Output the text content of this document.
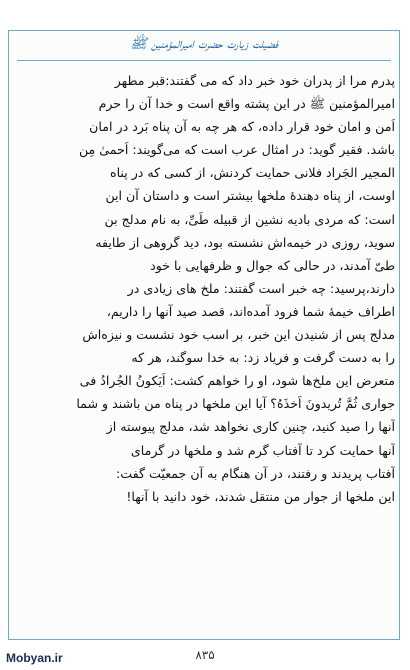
فضیلت زیارت حضرت امیرالمؤمنین ﷺ
پدرم مرا از پدران خود خبر داد که می گفتند:قبر مطهر
امیرالمؤمنین ﷺ در این پشته واقع است و خدا آن را حرم
اَمن و امان خود قرار داده، که هر چه به آن پناه بَرد در امان
باشد. فقیر گوید: در امثال عرب است که می‌گویند: اَحمیٰ مِن
المجیر الجَراد فلانی حمایت کردنش، از کسی که در پناه
اوست، از پناه دهندهٔ ملخها بیشتر است و داستان آن این
است: که مردی بادیه نشین از قبیله طَیِّ، به نام مدلج بن
سوید، روزی در خیمه‌اش نشسته بود، دید گروهی از طایفه
طیّ آمدند، در حالی که جوال و ظرفهایی با خود
دارند،پرسید: چه خبر است گفتند: ملخ های زیادی در
اطراف خیمهٔ شما فرود آمده‌اند، قصد صید آنها را داریم،
مدلج پس از شنیدن این خبر، بر اسب خود نشست و نیزه‌اش
را به دست گرفت و فریاد زد: به خدا سوگند، هر که
متعرض این ملخ‌ها شود، او را خواهم کشت: اَیَکونُ الجُرادُ فی
جواری ثُمَّ تُریدونَ اَخذَهُ؟ آیا این ملخها در پناه من باشند و شما
آنها را صید کنید، چنین کاری نخواهد شد، مدلج پیوسته از
آنها حمایت کرد تا آفتاب گرم شد و ملخها در گرمای
آفتاب پریدند و رفتند، در آن هنگام به آن جمعیّت گفت:
این ملخها از جوار من منتقل شدند، خود دانید با آنها!
۸۳۵
Mobyan.ir
